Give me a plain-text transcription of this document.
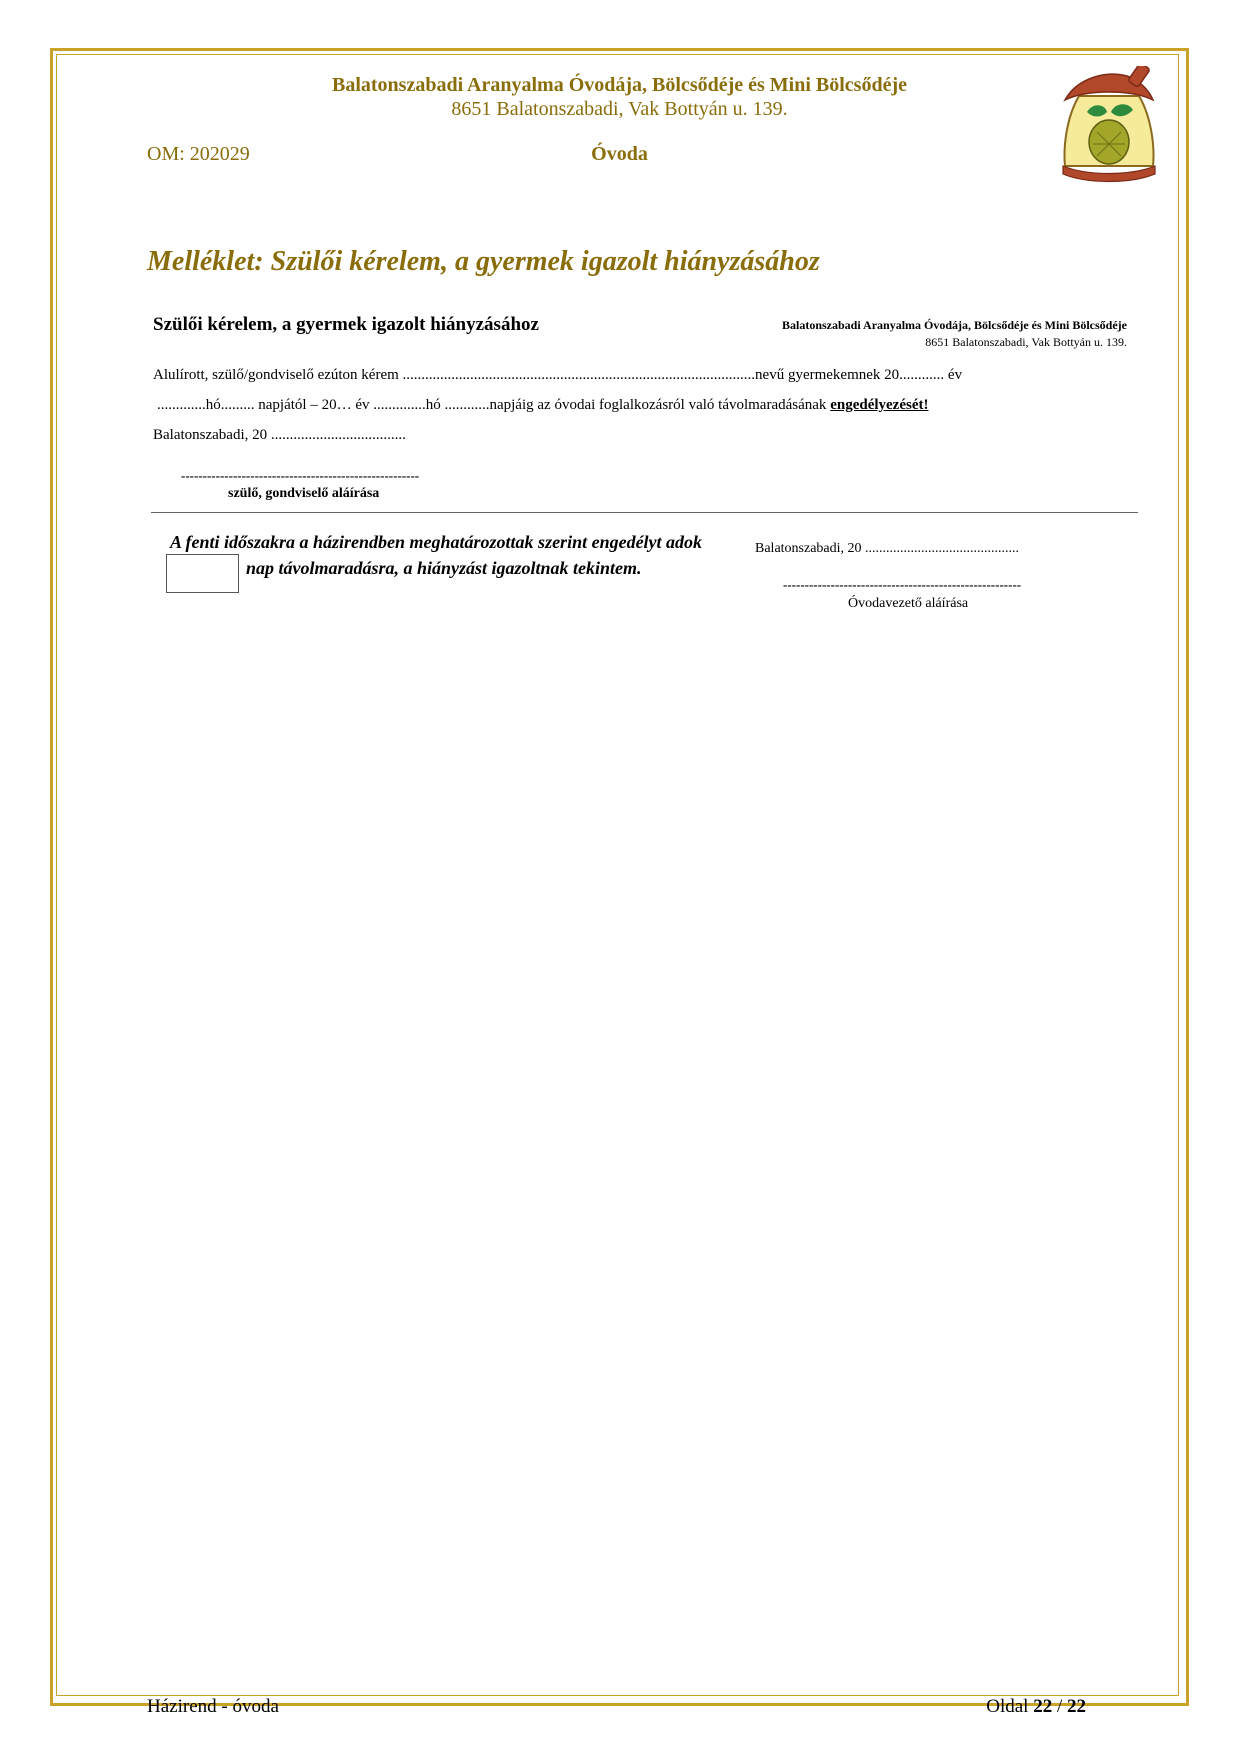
Balatonszabadi Aranyalma Óvodája, Bölcsődéje és Mini Bölcsődéje
8651 Balatonszabadi, Vak Bottyán u. 139.
OM: 202029	Óvoda
Melléklet: Szülői kérelem, a gyermek igazolt hiányzásához
Szülői kérelem, a gyermek igazolt hiányzásához	Balatonszabadi Aranyalma Óvodája, Bölcsődéje és Mini Bölcsődéje
8651 Balatonszabadi, Vak Bottyán u. 139.
Alulírott, szülő/gondviselő ezúton kérem ..............................................................................................nevű gyermekemnek 20............ év
.............hó......... napjától – 20… év ..............hó ............napjáig az óvodai foglalkozásról való távolmaradásának engedélyezését!
Balatonszabadi, 20 ....................................
-------------------------------------------------------
szülő, gondviselő aláírása
A fenti időszakra a házirendben meghatározottak szerint engedélyt adok
nap távolmaradásra, a hiányzást igazoltnak tekintem.
Balatonszabadi, 20 ............................................
-------------------------------------------------------
Óvodavezető aláírása
Házirend - óvoda	Oldal 22 / 22
